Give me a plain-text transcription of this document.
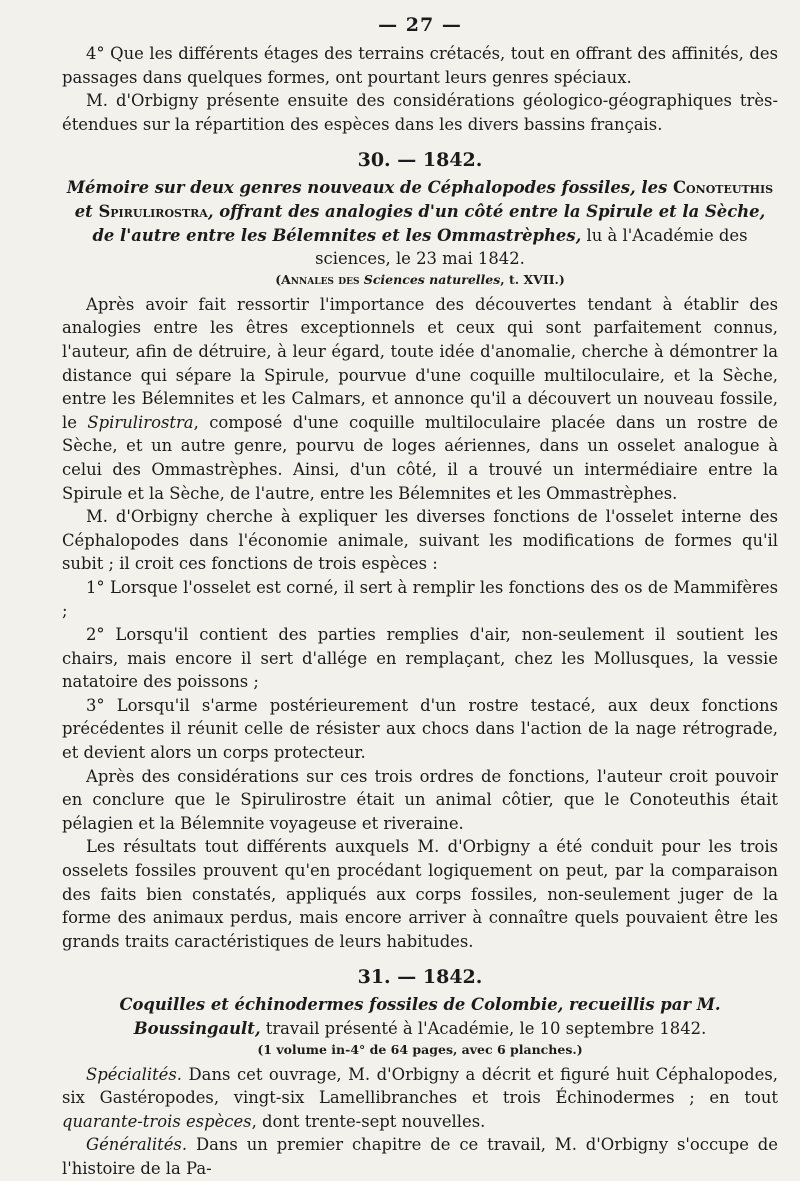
— 27 —

4° Que les différents étages des terrains crétacés, tout en offrant des affinités, des passages dans quelques formes, ont pourtant leurs genres spéciaux.

M. d'Orbigny présente ensuite des considérations géologico-géographiques très-étendues sur la répartition des espèces dans les divers bassins français.

30. — 1842.
Mémoire sur deux genres nouveaux de Céphalopodes fossiles, les Conoteuthis et Spirulirostra, offrant des analogies d'un côté entre la Spirule et la Sèche, de l'autre entre les Bélemnites et les Ommastrèphes, lu à l'Académie des sciences, le 23 mai 1842.
(Annales des Sciences naturelles, t. XVII.)

Après avoir fait ressortir l'importance des découvertes tendant à établir des analogies entre les êtres exceptionnels et ceux qui sont parfaitement connus, l'auteur, afin de détruire, à leur égard, toute idée d'anomalie, cherche à démontrer la distance qui sépare la Spirule, pourvue d'une coquille multiloculaire, et la Sèche, entre les Bélemnites et les Calmars, et annonce qu'il a découvert un nouveau fossile, le Spirulirostra, composé d'une coquille multiloculaire placée dans un rostre de Sèche, et un autre genre, pourvu de loges aériennes, dans un osselet analogue à celui des Ommastrèphes. Ainsi, d'un côté, il a trouvé un intermédiaire entre la Spirule et la Sèche, de l'autre, entre les Bélemnites et les Ommastrèphes.

M. d'Orbigny cherche à expliquer les diverses fonctions de l'osselet interne des Céphalopodes dans l'économie animale, suivant les modifications de formes qu'il subit ; il croit ces fonctions de trois espèces :

1° Lorsque l'osselet est corné, il sert à remplir les fonctions des os de Mammifères ;

2° Lorsqu'il contient des parties remplies d'air, non-seulement il soutient les chairs, mais encore il sert d'allége en remplaçant, chez les Mollusques, la vessie natatoire des poissons ;

3° Lorsqu'il s'arme postérieurement d'un rostre testacé, aux deux fonctions précédentes il réunit celle de résister aux chocs dans l'action de la nage rétrograde, et devient alors un corps protecteur.

Après des considérations sur ces trois ordres de fonctions, l'auteur croit pouvoir en conclure que le Spirulirostre était un animal côtier, que le Conoteuthis était pélagien et la Bélemnite voyageuse et riveraine.

Les résultats tout différents auxquels M. d'Orbigny a été conduit pour les trois osselets fossiles prouvent qu'en procédant logiquement on peut, par la comparaison des faits bien constatés, appliqués aux corps fossiles, non-seulement juger de la forme des animaux perdus, mais encore arriver à connaître quels pouvaient être les grands traits caractéristiques de leurs habitudes.

31. — 1842.
Coquilles et échinodermes fossiles de Colombie, recueillis par M. Boussingault, travail présenté à l'Académie, le 10 septembre 1842.
(1 volume in-4° de 64 pages, avec 6 planches.)

Spécialités. Dans cet ouvrage, M. d'Orbigny a décrit et figuré huit Céphalopodes, six Gastéropodes, vingt-six Lamellibranches et trois Échinodermes ; en tout quarante-trois espèces, dont trente-sept nouvelles.

Généralités. Dans un premier chapitre de ce travail, M. d'Orbigny s'occupe de l'histoire de la Pa-
